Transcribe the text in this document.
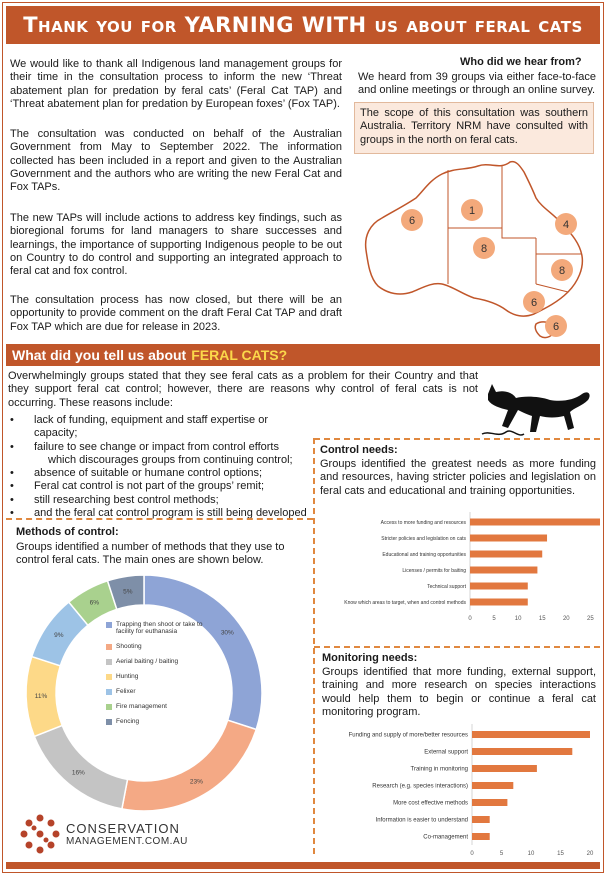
Thank you for YARNING WITH us about feral cats
We would like to thank all Indigenous land management groups for their time in the consultation process to inform the new ‘Threat abatement plan for predation by feral cats’ (Feral Cat TAP) and ‘Threat abatement plan for predation by European foxes’ (Fox TAP).
The consultation was conducted on behalf of the Australian Government from May to September 2022. The information collected has been included in a report and given to the Australian Government and the authors who are writing the new Feral Cat and Fox TAPs.
The new TAPs will include actions to address key findings, such as bioregional forums for land managers to share successes and learnings, the importance of supporting Indigenous people to be out on Country to do control and supporting an integrated approach to feral cat and fox control.
The consultation process has now closed, but there will be an opportunity to provide comment on the draft Feral Cat TAP and draft Fox TAP which are due for release in 2023.
Who did we hear from?
We heard from 39 groups via either face-to-face and online meetings or through an online survey.
The scope of this consultation was southern Australia. Territory NRM have consulted with groups in the north on feral cats.
6
1
4
8
8
6
6
What did you tell us about FERAL CATS?
Overwhelmingly groups stated that they see feral cats as a problem for their Country and that they support feral cat control; however, there are reasons why control of feral cats is not occurring. These reasons include:
• lack of funding, equipment and staff expertise or capacity;
• failure to see change or impact from control efforts
which discourages groups from continuing control;
• absence of suitable or humane control options;
• Feral cat control is not part of the groups’ remit;
• still researching best control methods;
• and the feral cat control program is still being developed
Control needs:
Groups identified the greatest needs as more funding and resources, having stricter policies and legislation on feral cats and educational and training opportunities.
Access to more funding and resources
Stricter policies and legislation on cats
Educational and training opportunities
Licenses / permits for baiting
Technical support
Know which areas to target, when and control methods
0	5	10	15	20	25
Methods of control:
Groups identified a number of methods that they use to control feral cats. The main ones are shown below.
30%
23%
16%
11%
9%
6%
5%
Trapping then shoot or take to facility for euthanasia
Shooting
Aerial baiting / baiting
Hunting
Felixer
Fire management
Fencing
Monitoring needs:
Groups identified that more funding, external support, training and more research on species interactions would help them to begin or continue a feral cat monitoring program.
Funding and supply of more/better resources
External support
Training in monitoring
Research (e.g. species interactions)
More cost effective methods
Information is easier to understand
Co-management
0	5	10	15	20
CONSERVATION
MANAGEMENT.COM.AU
